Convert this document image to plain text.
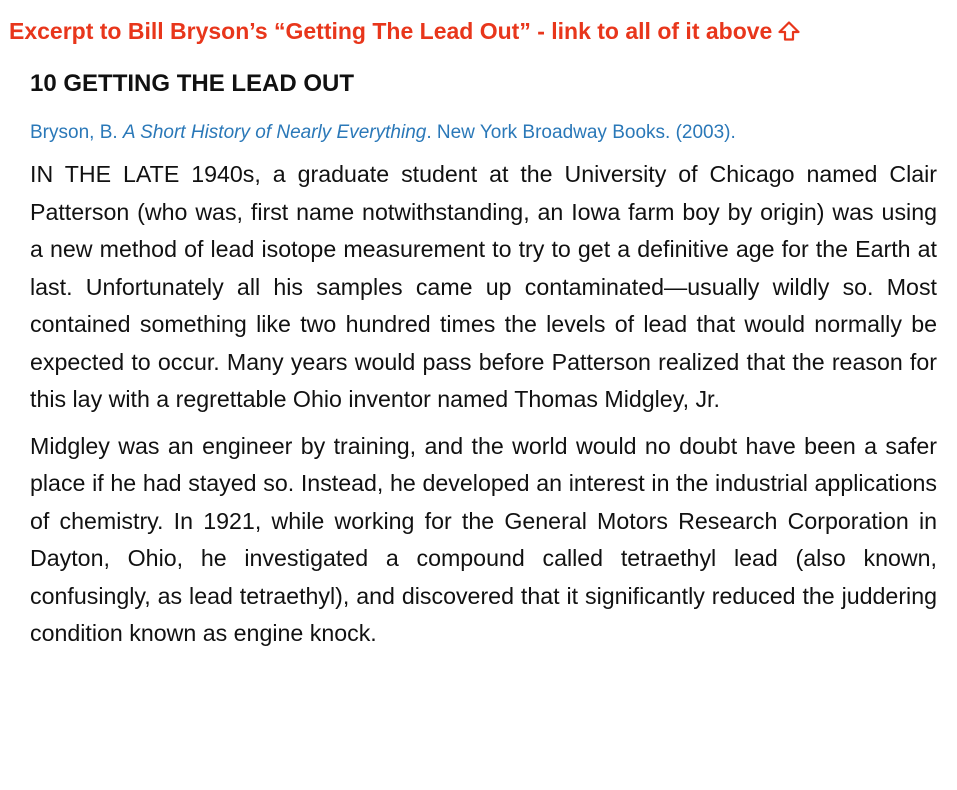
Excerpt to Bill Bryson’s “Getting The Lead Out” - link to all of it above
10 GETTING THE LEAD OUT

Bryson, B. A Short History of Nearly Everything. New York Broadway Books. (2003).

IN THE LATE 1940s, a graduate student at the University of Chicago named Clair Patterson (who was, first name notwithstanding, an Iowa farm boy by origin) was using a new method of lead isotope measurement to try to get a definitive age for the Earth at last. Unfortunately all his samples came up contaminated—usually wildly so. Most contained something like two hundred times the levels of lead that would normally be expected to occur. Many years would pass before Patterson realized that the reason for this lay with a regrettable Ohio inventor named Thomas Midgley, Jr.

Midgley was an engineer by training, and the world would no doubt have been a safer place if he had stayed so. Instead, he developed an interest in the industrial applications of chemistry. In 1921, while working for the General Motors Research Corporation in Dayton, Ohio, he investigated a compound called tetraethyl lead (also known, confusingly, as lead tetraethyl), and discovered that it significantly reduced the juddering condition known as engine knock.
